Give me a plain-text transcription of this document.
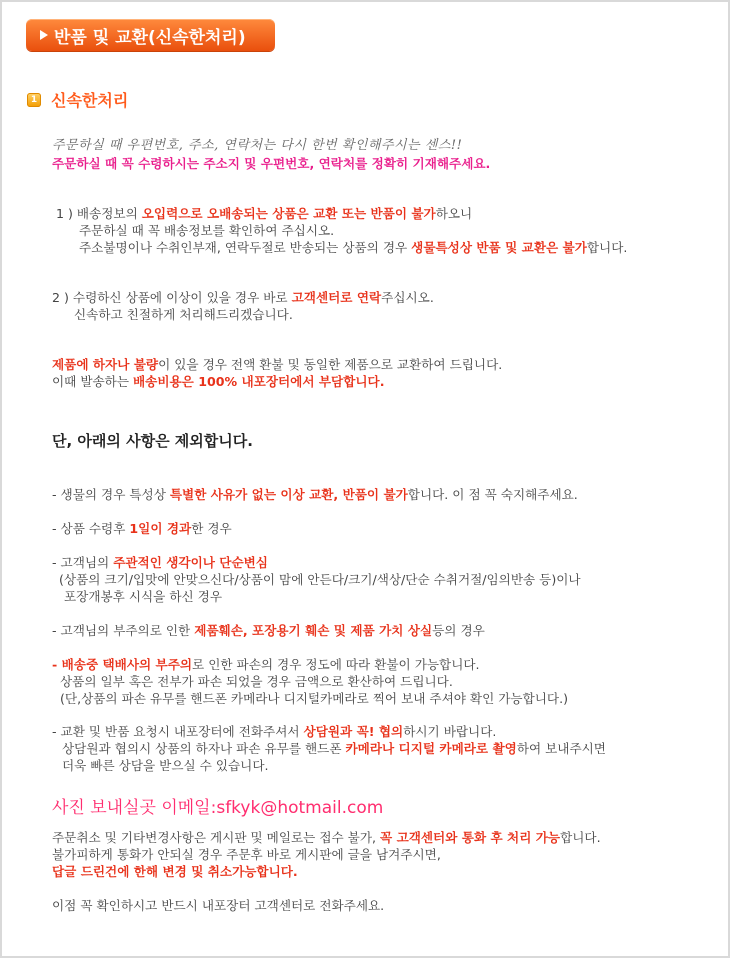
반품 및 교환(신속한처리)
1 신속한처리
주문하실 때 우편번호, 주소, 연락처는 다시 한번 확인해주시는 센스!!
주문하실 때 꼭 수령하시는 주소지 및 우편번호, 연락처를 정확히 기재해주세요.
1 ) 배송정보의 오입력으로 오배송되는 상품은 교환 또는 반품이 불가하오니
주문하실 때 꼭 배송정보를 확인하여 주십시오.
주소불명이나 수취인부재, 연락두절로 반송되는 상품의 경우 생물특성상 반품 및 교환은 불가합니다.
2 ) 수령하신 상품에 이상이 있을 경우 바로 고객센터로 연락주십시오.
신속하고 친절하게 처리해드리겠습니다.
제품에 하자나 불량이 있을 경우 전액 환불 및 동일한 제품으로 교환하여 드립니다.
이때 발송하는 배송비용은 100% 내포장터에서 부담합니다.
단, 아래의 사항은 제외합니다.
- 생물의 경우 특성상 특별한 사유가 없는 이상 교환, 반품이 불가합니다. 이 점 꼭 숙지해주세요.
- 상품 수령후 1일이 경과한 경우
- 고객님의 주관적인 생각이나 단순변심
(상품의 크기/입맛에 안맞으신다/상품이 맘에 안든다/크기/색상/단순 수취거절/임의반송 등)이나
포장개봉후 시식을 하신 경우
- 고객님의 부주의로 인한 제품훼손, 포장용기 훼손 및 제품 가치 상실등의 경우
- 배송중 택배사의 부주의로 인한 파손의 경우 정도에 따라 환불이 가능합니다.
상품의 일부 혹은 전부가 파손 되었을 경우 금액으로 환산하여 드립니다.
(단,상품의 파손 유무를 핸드폰 카메라나 디지털카메라로 찍어 보내 주셔야 확인 가능합니다.)
- 교환 및 반품 요청시 내포장터에 전화주셔서 상담원과 꼭! 협의하시기 바랍니다.
상담원과 협의시 상품의 하자나 파손 유무를 핸드폰 카메라나 디지털 카메라로 촬영하여 보내주시면
더욱 빠른 상담을 받으실 수 있습니다.
사진 보내실곳 이메일:sfkyk@hotmail.com
주문취소 및 기타변경사항은 게시판 및 메일로는 접수 불가, 꼭 고객센터와 통화 후 처리 가능합니다.
불가피하게 통화가 안되실 경우 주문후 바로 게시판에 글을 남겨주시면,
답글 드린건에 한해 변경 및 취소가능합니다.
이점 꼭 확인하시고 반드시 내포장터 고객센터로 전화주세요.
